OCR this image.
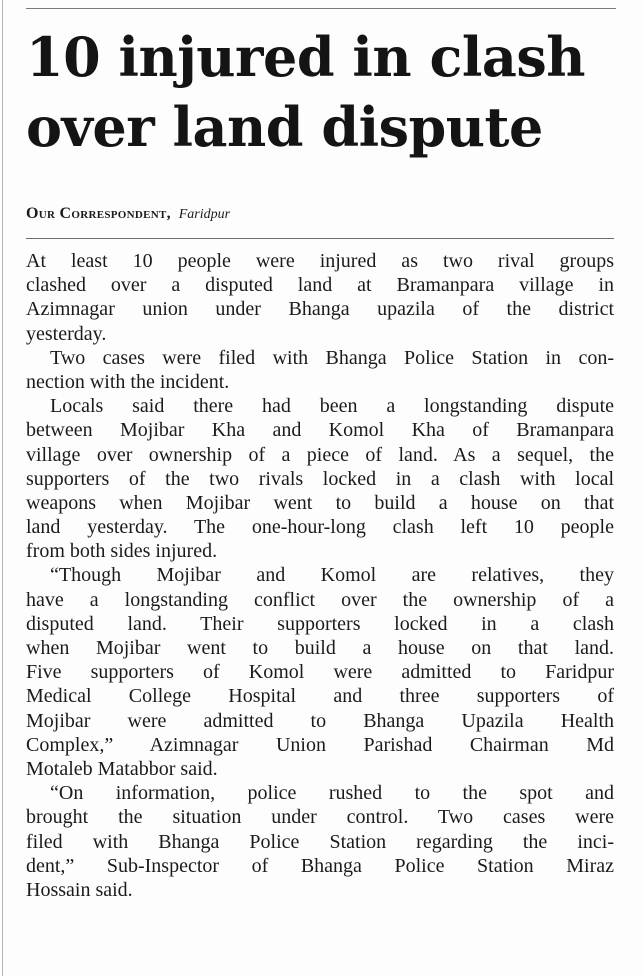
10 injured in clash
over land dispute
Our Correspondent, Faridpur
At least 10 people were injured as two rival groups
clashed over a disputed land at Bramanpara village in
Azimnagar union under Bhanga upazila of the district
yesterday.
Two cases were filed with Bhanga Police Station in con-
nection with the incident.
Locals said there had been a longstanding dispute
between Mojibar Kha and Komol Kha of Bramanpara
village over ownership of a piece of land. As a sequel, the
supporters of the two rivals locked in a clash with local
weapons when Mojibar went to build a house on that
land yesterday. The one-hour-long clash left 10 people
from both sides injured.
“Though Mojibar and Komol are relatives, they
have a longstanding conflict over the ownership of a
disputed land. Their supporters locked in a clash
when Mojibar went to build a house on that land.
Five supporters of Komol were admitted to Faridpur
Medical College Hospital and three supporters of
Mojibar were admitted to Bhanga Upazila Health
Complex,” Azimnagar Union Parishad Chairman Md
Motaleb Matabbor said.
“On information, police rushed to the spot and
brought the situation under control. Two cases were
filed with Bhanga Police Station regarding the inci-
dent,” Sub-Inspector of Bhanga Police Station Miraz
Hossain said.
